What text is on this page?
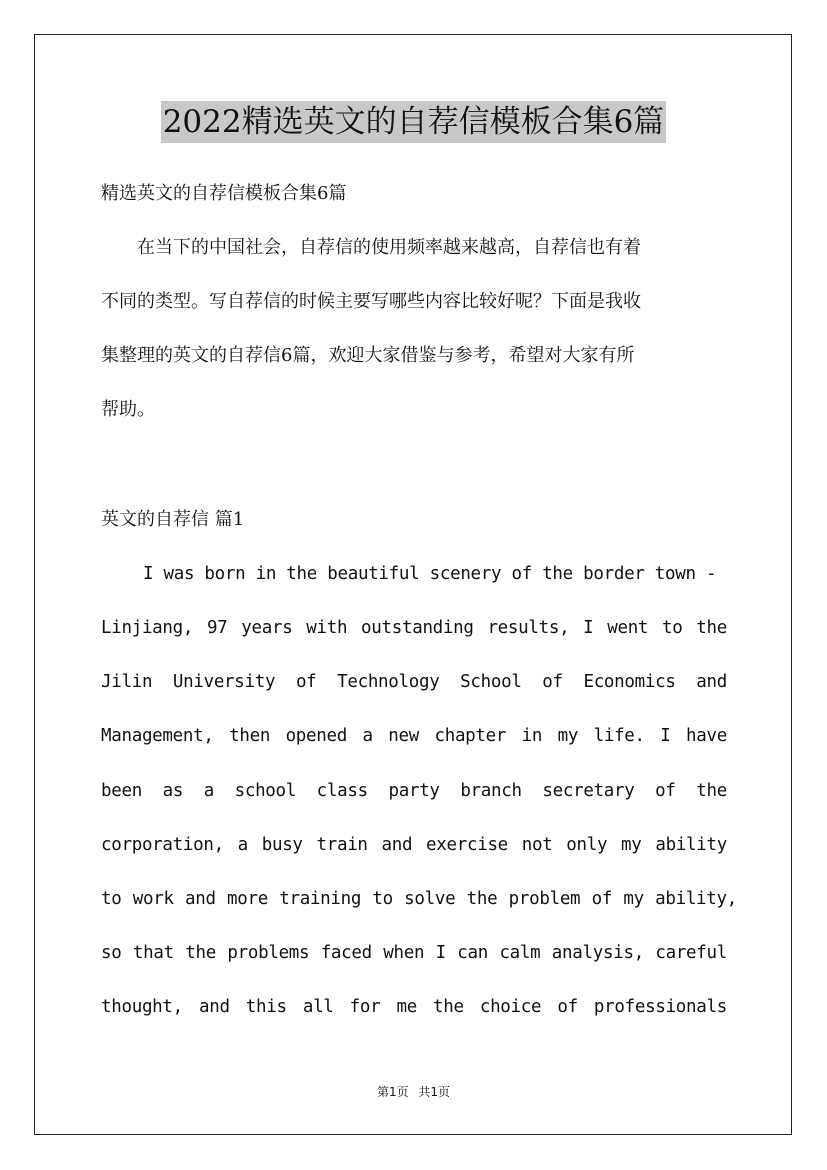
2022精选英文的自荐信模板合集6篇
精选英文的自荐信模板合集6篇
　　在当下的中国社会，自荐信的使用频率越来越高，自荐信也有着
不同的类型。写自荐信的时候主要写哪些内容比较好呢？下面是我收
集整理的英文的自荐信6篇，欢迎大家借鉴与参考，希望对大家有所
帮助。
英文的自荐信 篇1
I was born in the beautiful scenery of the border town -
Linjiang, 97 years with outstanding results, I went to the
Jilin University of Technology School of Economics and
Management, then opened a new chapter in my life. I have
been as a school class party branch secretary of the
corporation, a busy train and exercise not only my ability
to work and more training to solve the problem of my ability,
so that the problems faced when I can calm analysis, careful
thought, and this all for me the choice of professionals
第1页 共1页
